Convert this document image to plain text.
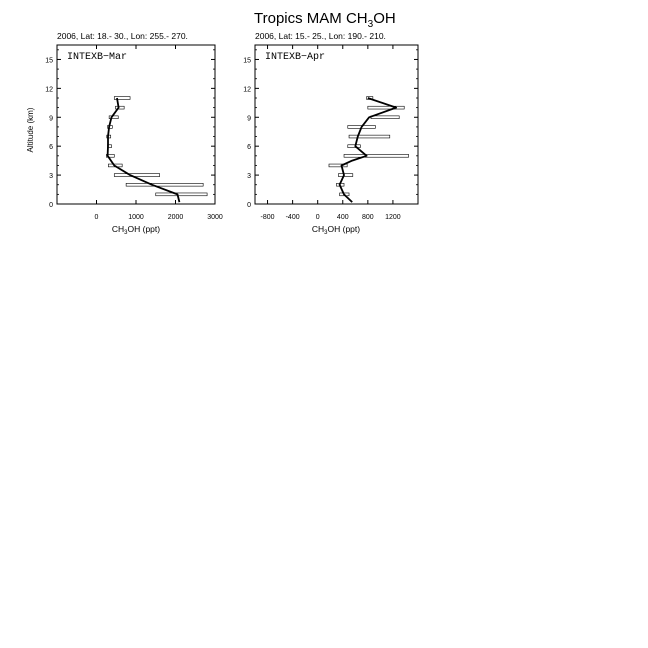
Tropics MAM $CH_3OH$
2006, Lat: 18.- 30., Lon: 255.- 270.
INTEXB−Mar
Altitude (km)
$CH_3OH$ (ppt)
0
3
6
9
12
15
0	1000	2000	3000
2006, Lat: 15.- 25., Lon: 190.- 210.
INTEXB−Apr
$CH_3OH$ (ppt)
0
3
6
9
12
15
-800 -400 0 400 800 1200
